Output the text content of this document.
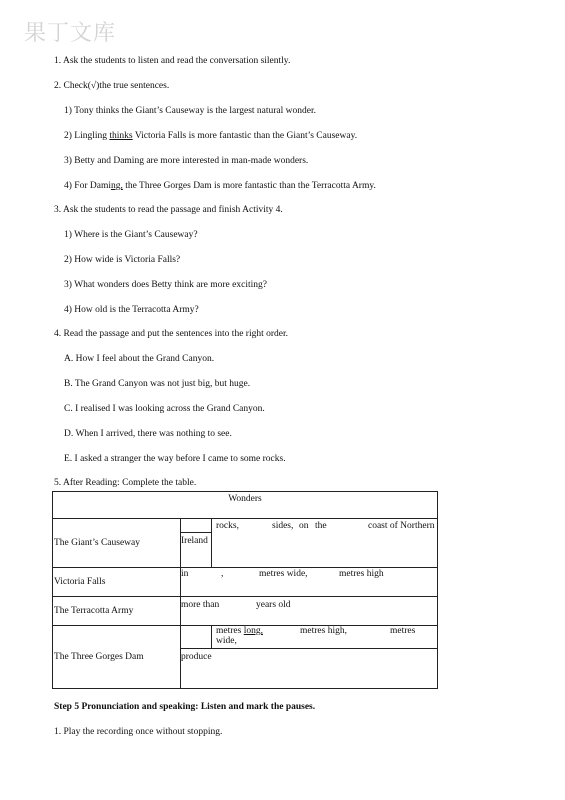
果丁文库
1. Ask the students to listen and read the conversation silently.
2. Check(√)the true sentences.
1) Tony thinks the Giant’s Causeway is the largest natural wonder.
2) Lingling thinks Victoria Falls is more fantastic than the Giant’s Causeway.
3) Betty and Daming are more interested in man-made wonders.
4) For Daming, the Three Gorges Dam is more fantastic than the Terracotta Army.
3. Ask the students to read the passage and finish Activity 4.
1) Where is the Giant’s Causeway?
2) How wide is Victoria Falls?
3) What wonders does Betty think are more exciting?
4) How old is the Terracotta Army?
4. Read the passage and put the sentences into the right order.
A. How I feel about the Grand Canyon.
B. The Grand Canyon was not just big, but huge.
C. I realised I was looking across the Grand Canyon.
D. When I arrived, there was nothing to see.
E. I asked a stranger the way before I came to some rocks.
5. After Reading: Complete the table.
Wonders		
The Giant’s Causeway	Ireland	rocks, sides, on the coast of Northern

Victoria Falls	in , metres wide, metres high	

The Terracotta Army	more than years old	

The Three Gorges Dam	metres long, metres high, metres
wide,
produce	
Step 5 Pronunciation and speaking: Listen and mark the pauses.
1. Play the recording once without stopping.
